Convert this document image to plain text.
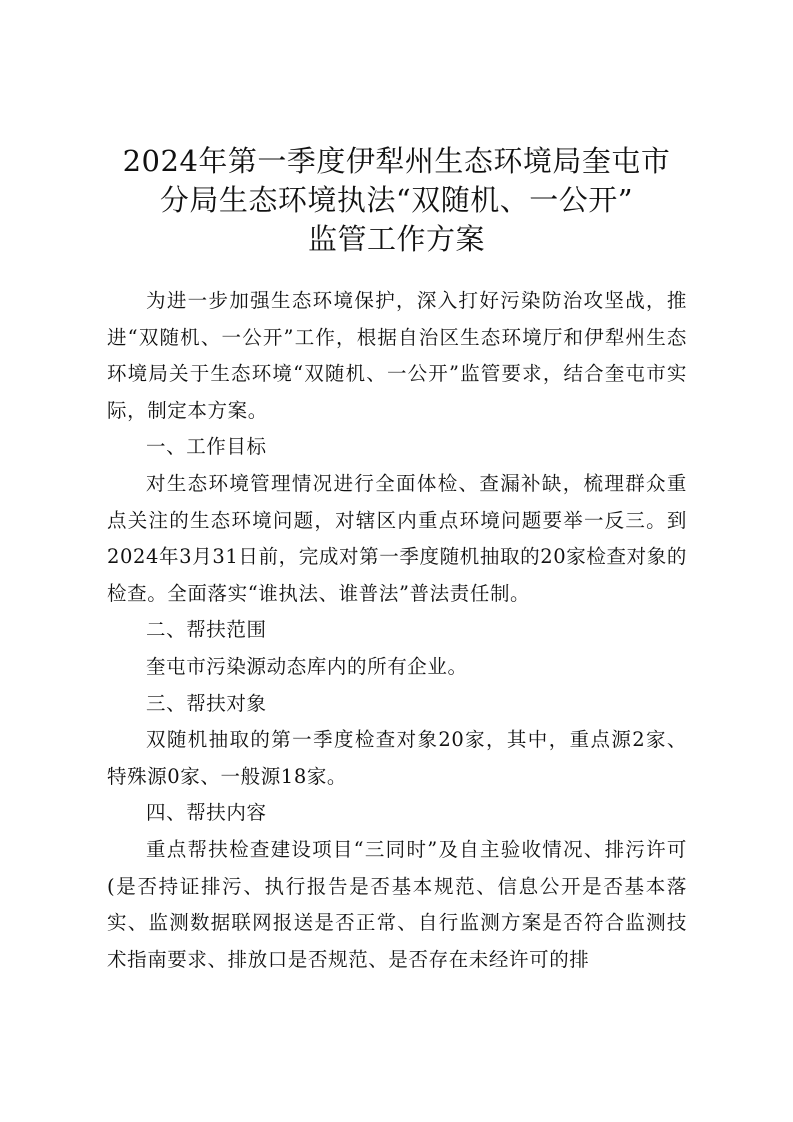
2024年第一季度伊犁州生态环境局奎屯市
分局生态环境执法“双随机、一公开”
监管工作方案

为进一步加强生态环境保护，深入打好污染防治攻坚战，推进“双随机、一公开”工作，根据自治区生态环境厅和伊犁州生态环境局关于生态环境“双随机、一公开”监管要求，结合奎屯市实际，制定本方案。

一、工作目标

对生态环境管理情况进行全面体检、查漏补缺，梳理群众重点关注的生态环境问题，对辖区内重点环境问题要举一反三。到2024年3月31日前，完成对第一季度随机抽取的20家检查对象的检查。全面落实“谁执法、谁普法”普法责任制。

二、帮扶范围

奎屯市污染源动态库内的所有企业。

三、帮扶对象

双随机抽取的第一季度检查对象20家，其中，重点源2家、特殊源0家、一般源18家。

四、帮扶内容

重点帮扶检查建设项目“三同时”及自主验收情况、排污许可(是否持证排污、执行报告是否基本规范、信息公开是否基本落实、监测数据联网报送是否正常、自行监测方案是否符合监测技术指南要求、排放口是否规范、是否存在未经许可的排
